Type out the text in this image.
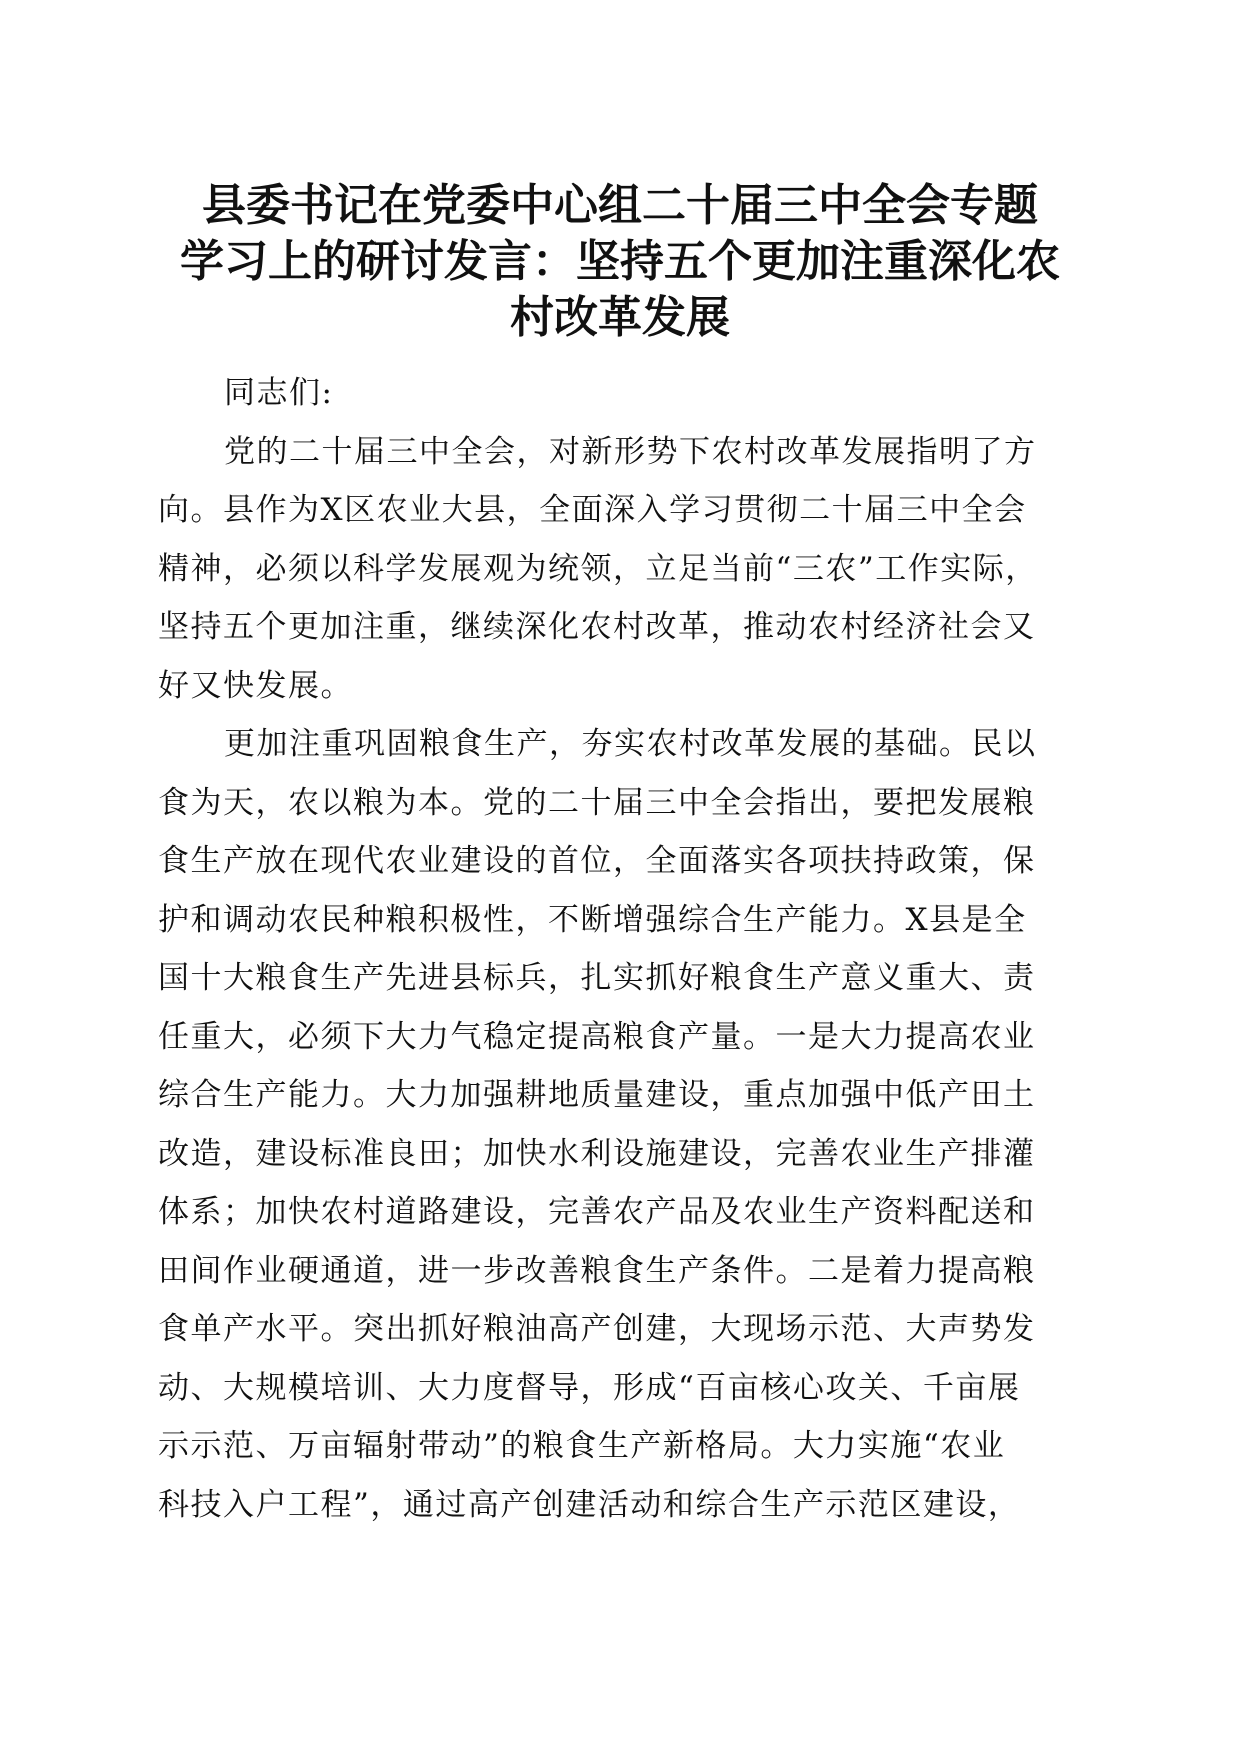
县委书记在党委中心组二十届三中全会专题
学习上的研讨发言：坚持五个更加注重深化农
村改革发展
同志们:
党的二十届三中全会，对新形势下农村改革发展指明了方
向。县作为X区农业大县，全面深入学习贯彻二十届三中全会
精神，必须以科学发展观为统领，立足当前“三农”工作实际，
坚持五个更加注重，继续深化农村改革，推动农村经济社会又
好又快发展。
更加注重巩固粮食生产，夯实农村改革发展的基础。民以
食为天，农以粮为本。党的二十届三中全会指出，要把发展粮
食生产放在现代农业建设的首位，全面落实各项扶持政策，保
护和调动农民种粮积极性，不断增强综合生产能力。X县是全
国十大粮食生产先进县标兵，扎实抓好粮食生产意义重大、责
任重大，必须下大力气稳定提高粮食产量。一是大力提高农业
综合生产能力。大力加强耕地质量建设，重点加强中低产田土
改造，建设标准良田；加快水利设施建设，完善农业生产排灌
体系；加快农村道路建设，完善农产品及农业生产资料配送和
田间作业硬通道，进一步改善粮食生产条件。二是着力提高粮
食单产水平。突出抓好粮油高产创建，大现场示范、大声势发
动、大规模培训、大力度督导，形成“百亩核心攻关、千亩展
示示范、万亩辐射带动”的粮食生产新格局。大力实施“农业
科技入户工程”，通过高产创建活动和综合生产示范区建设，
